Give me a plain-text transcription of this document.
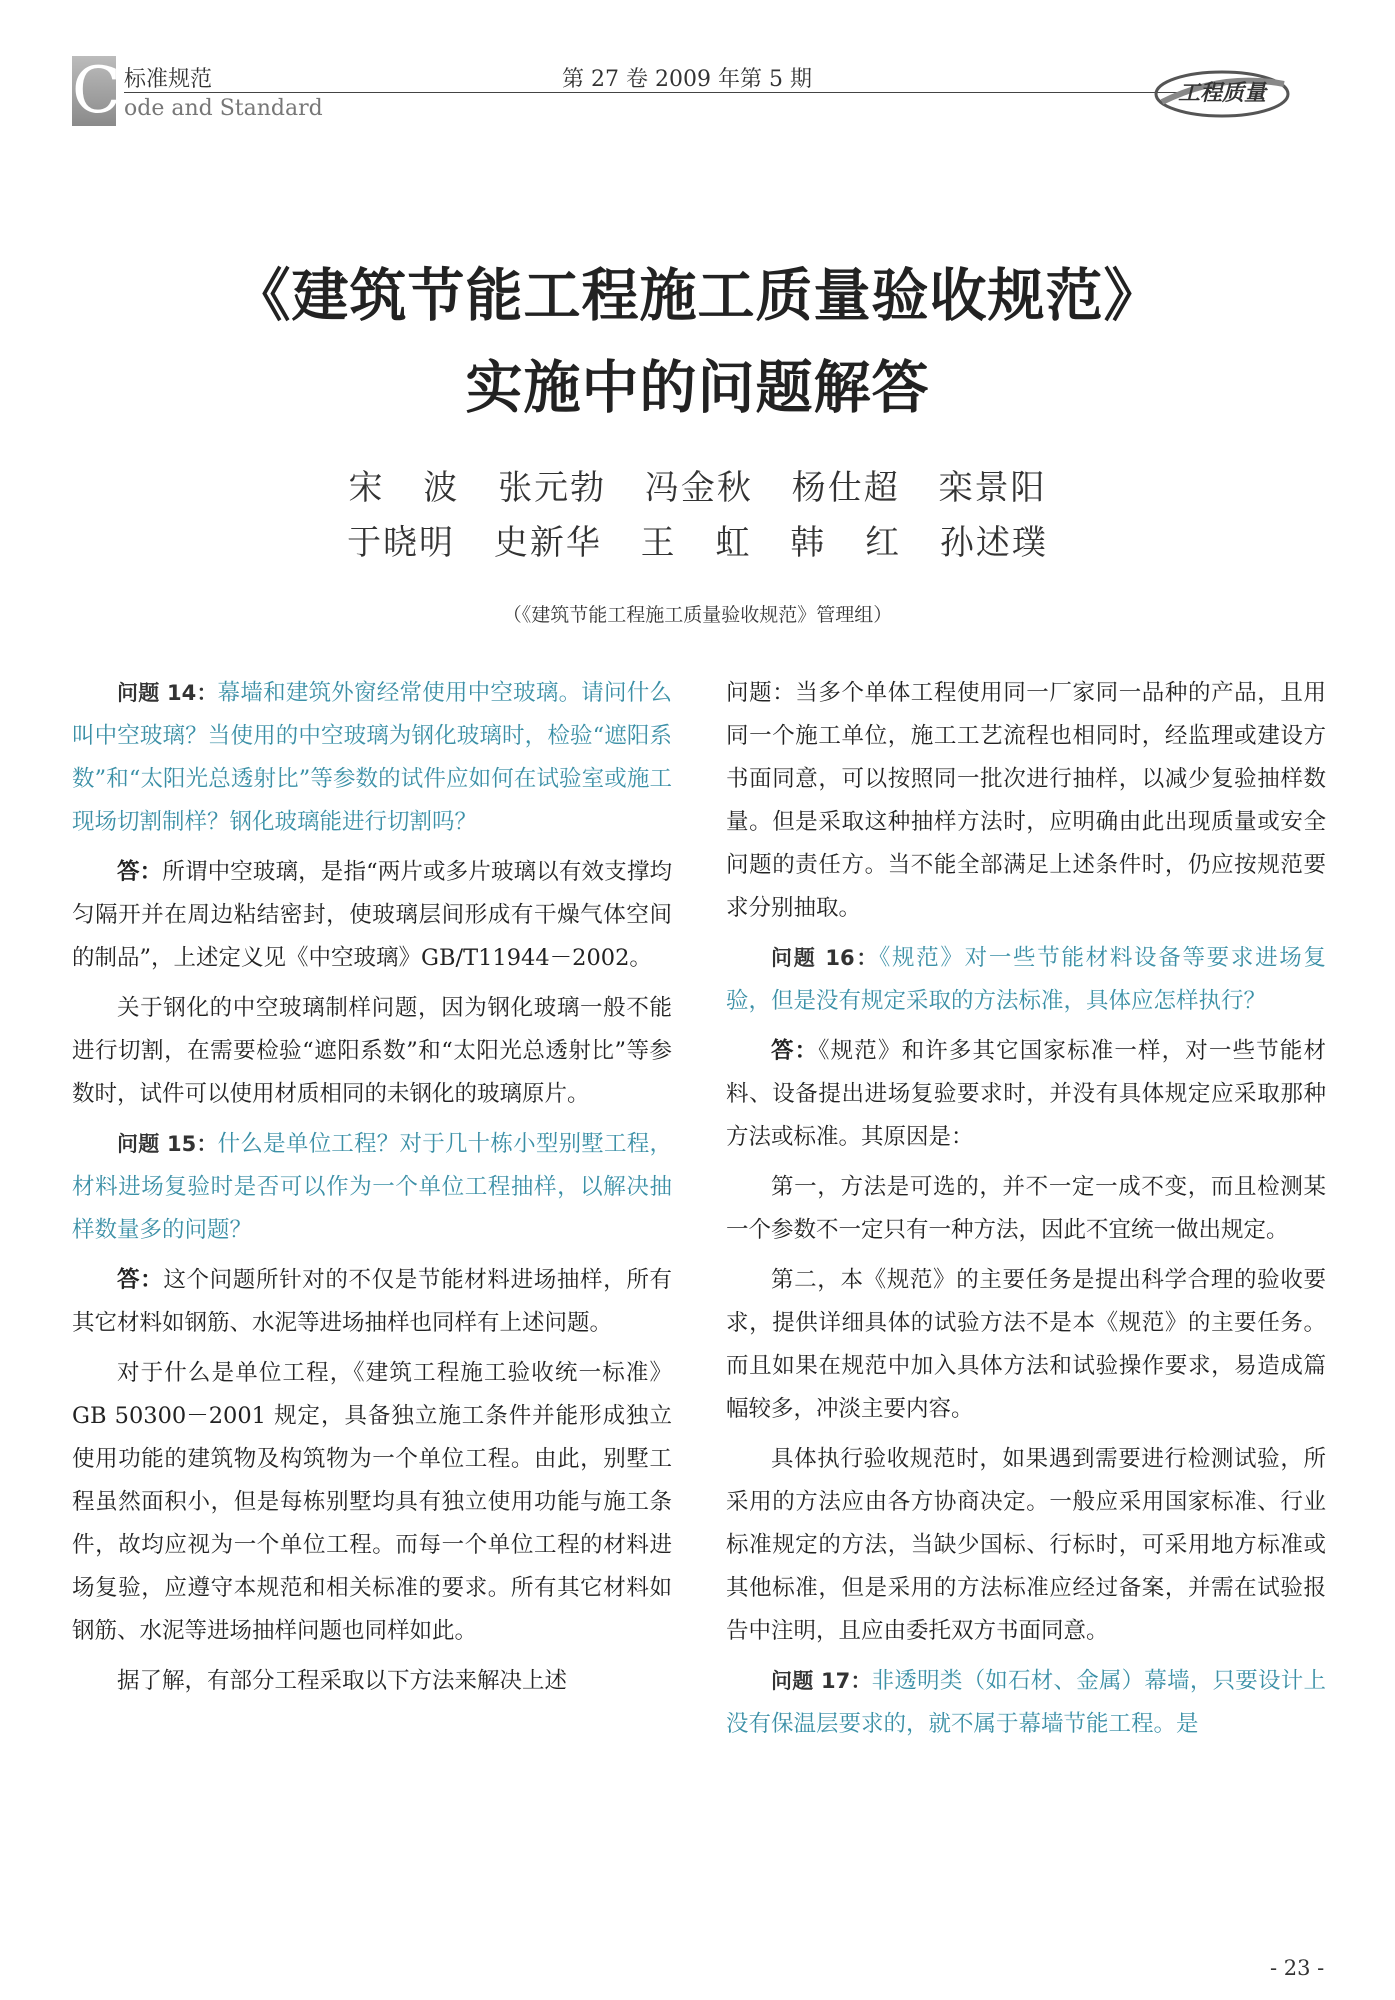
C 标准规范
ode and Standard
第 27 卷 2009 年第 5 期
工程质量
《建筑节能工程施工质量验收规范》
实施中的问题解答
宋 波 张元勃 冯金秋 杨仕超 栾景阳
于晓明 史新华 王 虹 韩 红 孙述璞
（《建筑节能工程施工质量验收规范》管理组）

问题 14：幕墙和建筑外窗经常使用中空玻璃。请问什么叫中空玻璃？当使用的中空玻璃为钢化玻璃时，检验“遮阳系数”和“太阳光总透射比”等参数的试件应如何在试验室或施工现场切割制样？钢化玻璃能进行切割吗？

答：所谓中空玻璃，是指“两片或多片玻璃以有效支撑均匀隔开并在周边粘结密封，使玻璃层间形成有干燥气体空间的制品”，上述定义见《中空玻璃》GB/T11944－2002。

关于钢化的中空玻璃制样问题，因为钢化玻璃一般不能进行切割，在需要检验“遮阳系数”和“太阳光总透射比”等参数时，试件可以使用材质相同的未钢化的玻璃原片。

问题 15：什么是单位工程？对于几十栋小型别墅工程，材料进场复验时是否可以作为一个单位工程抽样，以解决抽样数量多的问题？

答：这个问题所针对的不仅是节能材料进场抽样，所有其它材料如钢筋、水泥等进场抽样也同样有上述问题。

对于什么是单位工程，《建筑工程施工验收统一标准》GB 50300－2001 规定，具备独立施工条件并能形成独立使用功能的建筑物及构筑物为一个单位工程。由此，别墅工程虽然面积小，但是每栋别墅均具有独立使用功能与施工条件，故均应视为一个单位工程。而每一个单位工程的材料进场复验，应遵守本规范和相关标准的要求。所有其它材料如钢筋、水泥等进场抽样问题也同样如此。

据了解，有部分工程采取以下方法来解决上述

问题：当多个单体工程使用同一厂家同一品种的产品，且用同一个施工单位，施工工艺流程也相同时，经监理或建设方书面同意，可以按照同一批次进行抽样，以减少复验抽样数量。但是采取这种抽样方法时，应明确由此出现质量或安全问题的责任方。当不能全部满足上述条件时，仍应按规范要求分别抽取。

问题 16：《规范》对一些节能材料设备等要求进场复验，但是没有规定采取的方法标准，具体应怎样执行？

答：《规范》和许多其它国家标准一样，对一些节能材料、设备提出进场复验要求时，并没有具体规定应采取那种方法或标准。其原因是：

第一，方法是可选的，并不一定一成不变，而且检测某一个参数不一定只有一种方法，因此不宜统一做出规定。

第二，本《规范》的主要任务是提出科学合理的验收要求，提供详细具体的试验方法不是本《规范》的主要任务。而且如果在规范中加入具体方法和试验操作要求，易造成篇幅较多，冲淡主要内容。

具体执行验收规范时，如果遇到需要进行检测试验，所采用的方法应由各方协商决定。一般应采用国家标准、行业标准规定的方法，当缺少国标、行标时，可采用地方标准或其他标准，但是采用的方法标准应经过备案，并需在试验报告中注明，且应由委托双方书面同意。

问题 17：非透明类（如石材、金属）幕墙，只要设计上没有保温层要求的，就不属于幕墙节能工程。是

- 23 -
